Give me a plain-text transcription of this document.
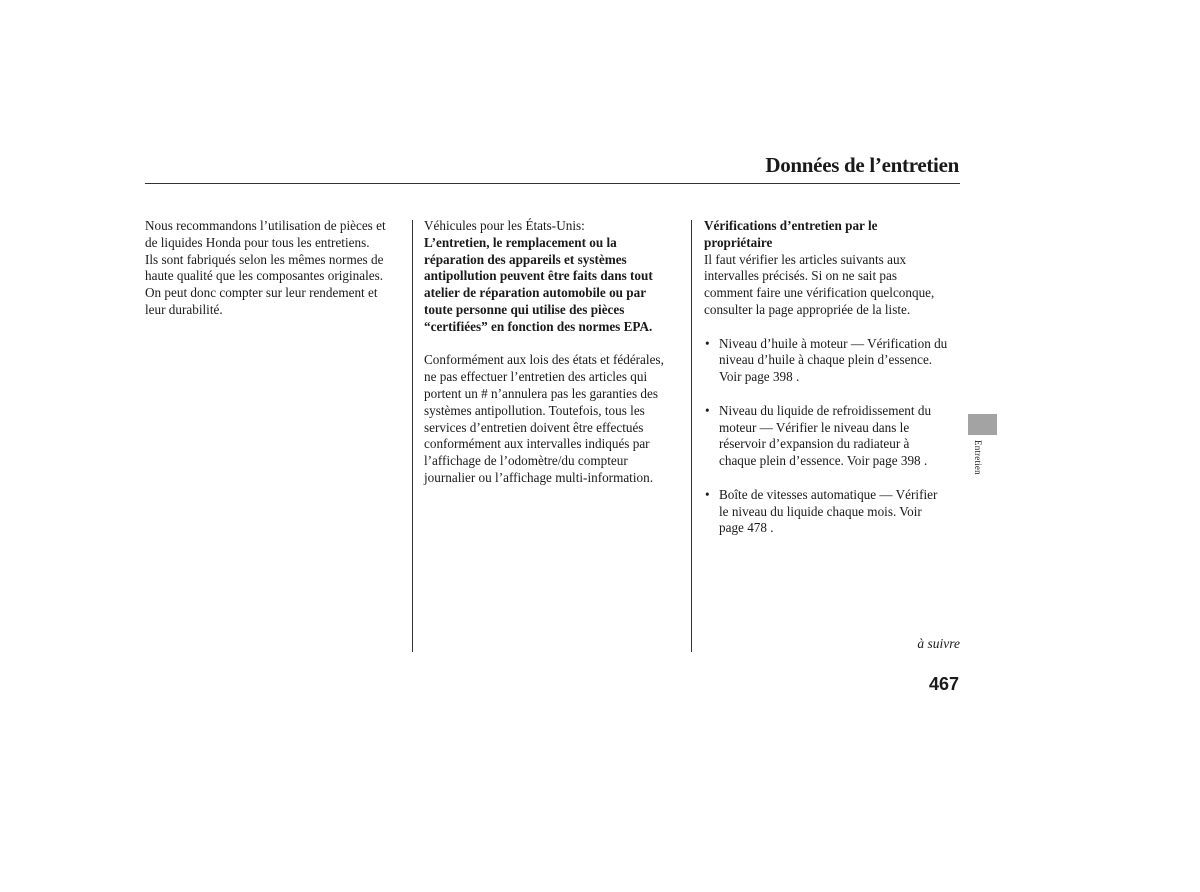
Données de l’entretien

Nous recommandons l’utilisation de pièces et

de liquides Honda pour tous les entretiens.

Ils sont fabriqués selon les mêmes normes de

haute qualité que les composantes originales.

On peut donc compter sur leur rendement et

leur durabilité.

Véhicules pour les États-Unis:

L’entretien, le remplacement ou la

réparation des appareils et systèmes

antipollution peuvent être faits dans tout

atelier de réparation automobile ou par

toute personne qui utilise des pièces

“certifiées” en fonction des normes EPA.

Conformément aux lois des états et fédérales,

ne pas effectuer l’entretien des articles qui

portent un # n’annulera pas les garanties des

systèmes antipollution. Toutefois, tous les

services d’entretien doivent être effectués

conformément aux intervalles indiqués par

l’affichage de l’odomètre/du compteur

journalier ou l’affichage multi-information.

Vérifications d’entretien par le

propriétaire

Il faut vérifier les articles suivants aux

intervalles précisés. Si on ne sait pas

comment faire une vérification quelconque,

consulter la page appropriée de la liste.

• Niveau d’huile à moteur — Vérification du

niveau d’huile à chaque plein d’essence.

Voir page 398 .

• Niveau du liquide de refroidissement du

moteur — Vérifier le niveau dans le

réservoir d’expansion du radiateur à

chaque plein d’essence. Voir page 398 .

• Boîte de vitesses automatique — Vérifier

le niveau du liquide chaque mois. Voir

page 478 .

Entretien
à suivre
467
